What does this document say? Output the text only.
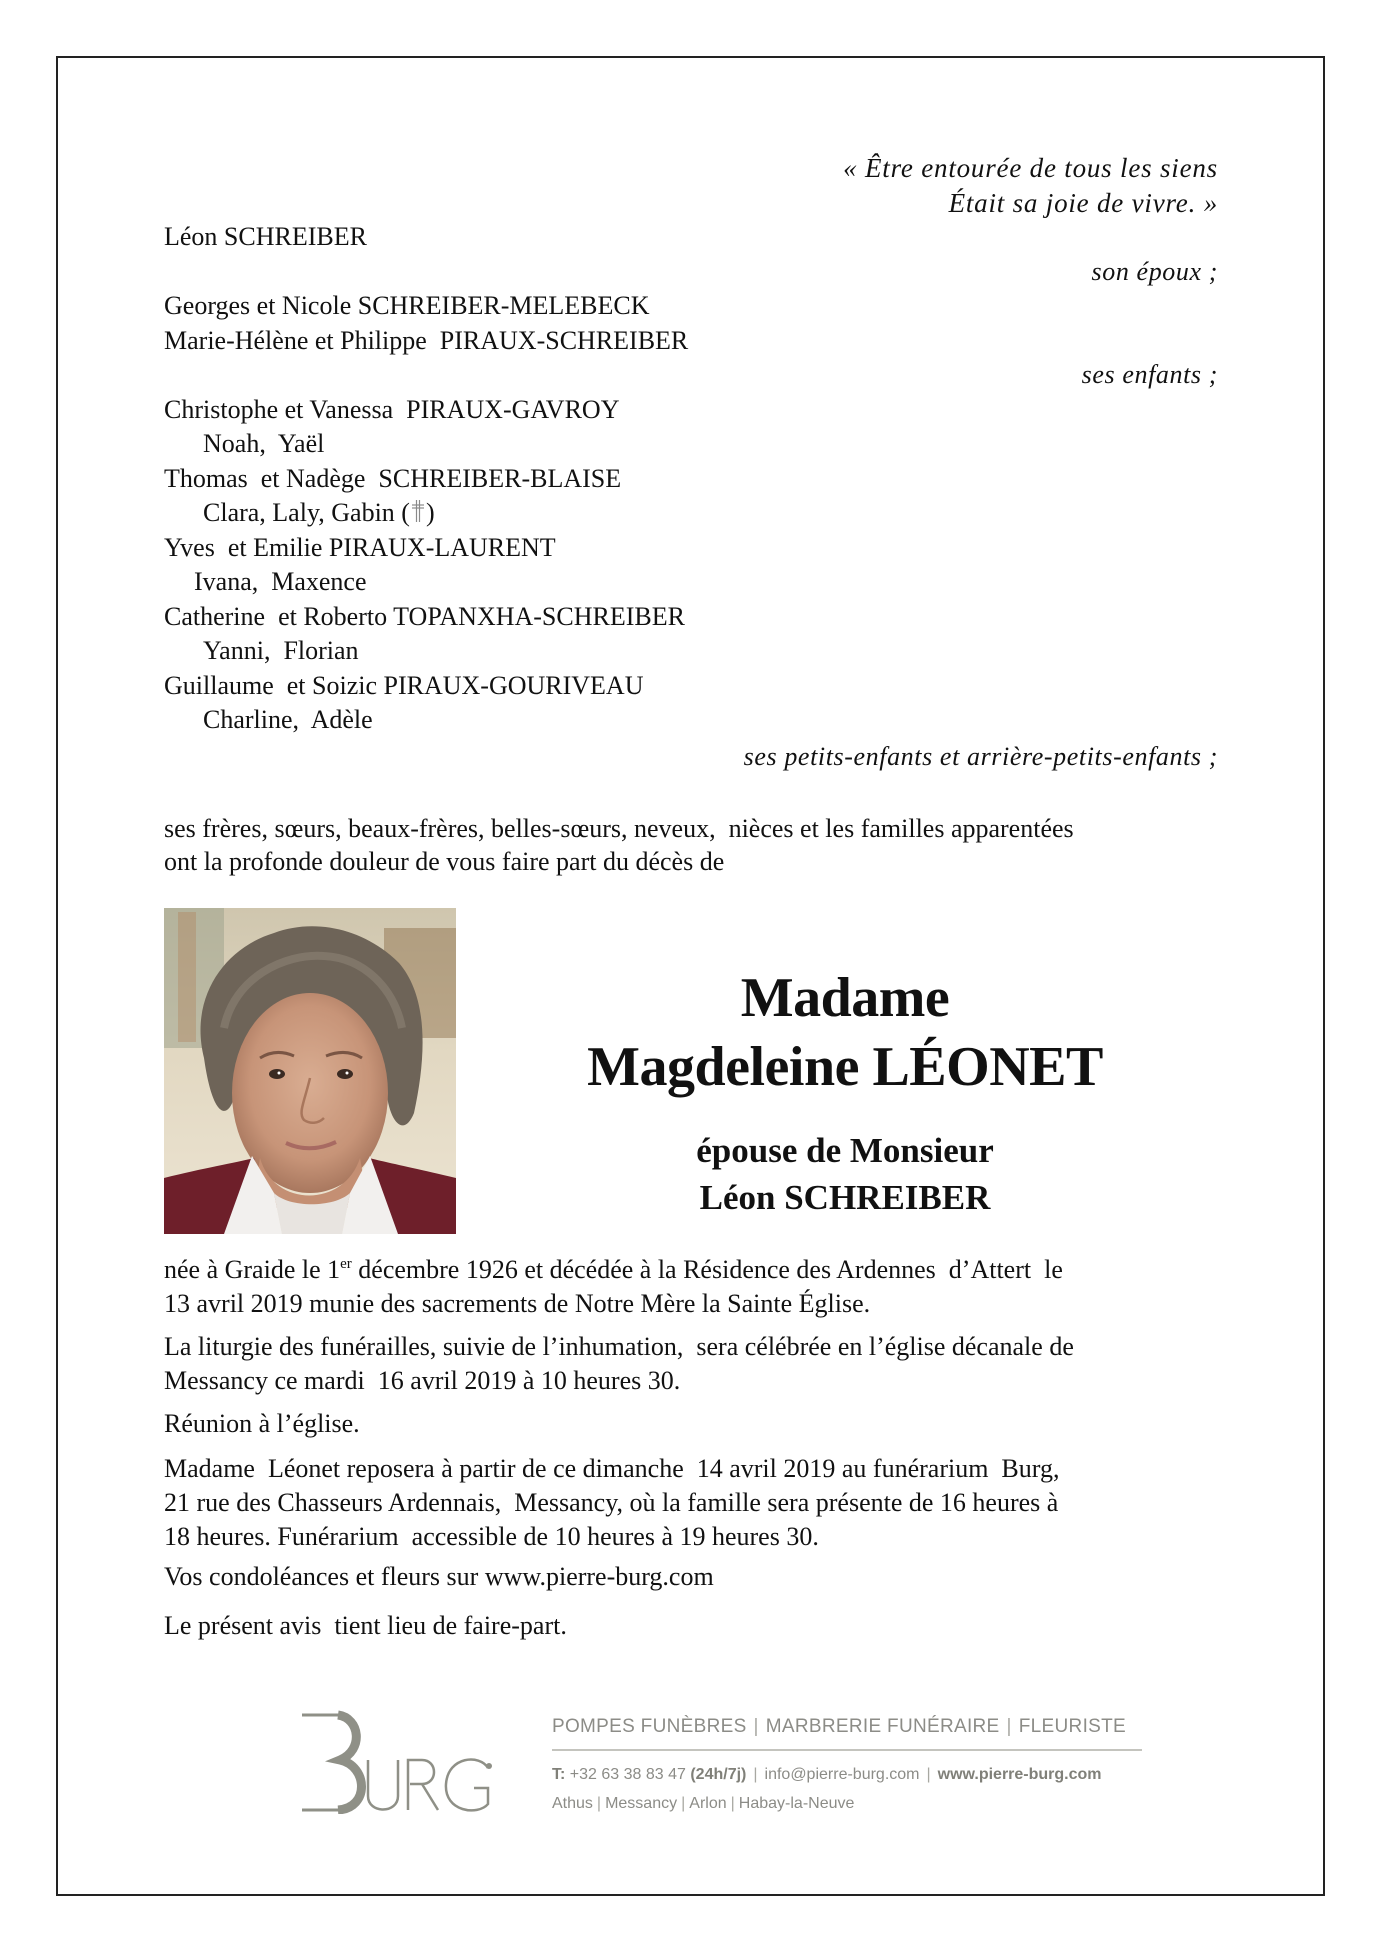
« Être entourée de tous les siens
Était sa joie de vivre. »
Léon SCHREIBER
son époux ;
Georges et Nicole SCHREIBER-MELEBECK
Marie-Hélène et Philippe  PIRAUX-SCHREIBER
ses enfants ;
Christophe et Vanessa  PIRAUX-GAVROY
Noah,  Yaël
Thomas  et Nadège  SCHREIBER-BLAISE
Clara, Laly, Gabin ( )
Yves  et Emilie PIRAUX-LAURENT
Ivana,  Maxence
Catherine  et Roberto TOPANXHA-SCHREIBER
Yanni,  Florian
Guillaume  et Soizic PIRAUX-GOURIVEAU
Charline,  Adèle
ses petits-enfants et arrière-petits-enfants ;
ses frères, sœurs, beaux-frères, belles-sœurs, neveux,  nièces et les familles apparentées
ont la profonde douleur de vous faire part du décès de
Madame
Magdeleine LÉONET
épouse de Monsieur
Léon SCHREIBER
née à Graide le 1er décembre 1926 et décédée à la Résidence des Ardennes  d’Attert  le
13 avril 2019 munie des sacrements de Notre Mère la Sainte Église.
La liturgie des funérailles, suivie de l’inhumation,  sera célébrée en l’église décanale de
Messancy ce mardi  16 avril 2019 à 10 heures 30.
Réunion à l’église.
Madame  Léonet reposera à partir de ce dimanche  14 avril 2019 au funérarium  Burg,
21 rue des Chasseurs Ardennais,  Messancy, où la famille sera présente de 16 heures à
18 heures. Funérarium  accessible de 10 heures à 19 heures 30.
Vos condoléances et fleurs sur www.pierre-burg.com
Le présent avis  tient lieu de faire-part.
POMPES FUNÈBRES | MARBRERIE FUNÉRAIRE | FLEURISTE
T: +32 63 38 83 47 (24h/7j) | info@pierre-burg.com | www.pierre-burg.com
Athus | Messancy | Arlon | Habay-la-Neuve
